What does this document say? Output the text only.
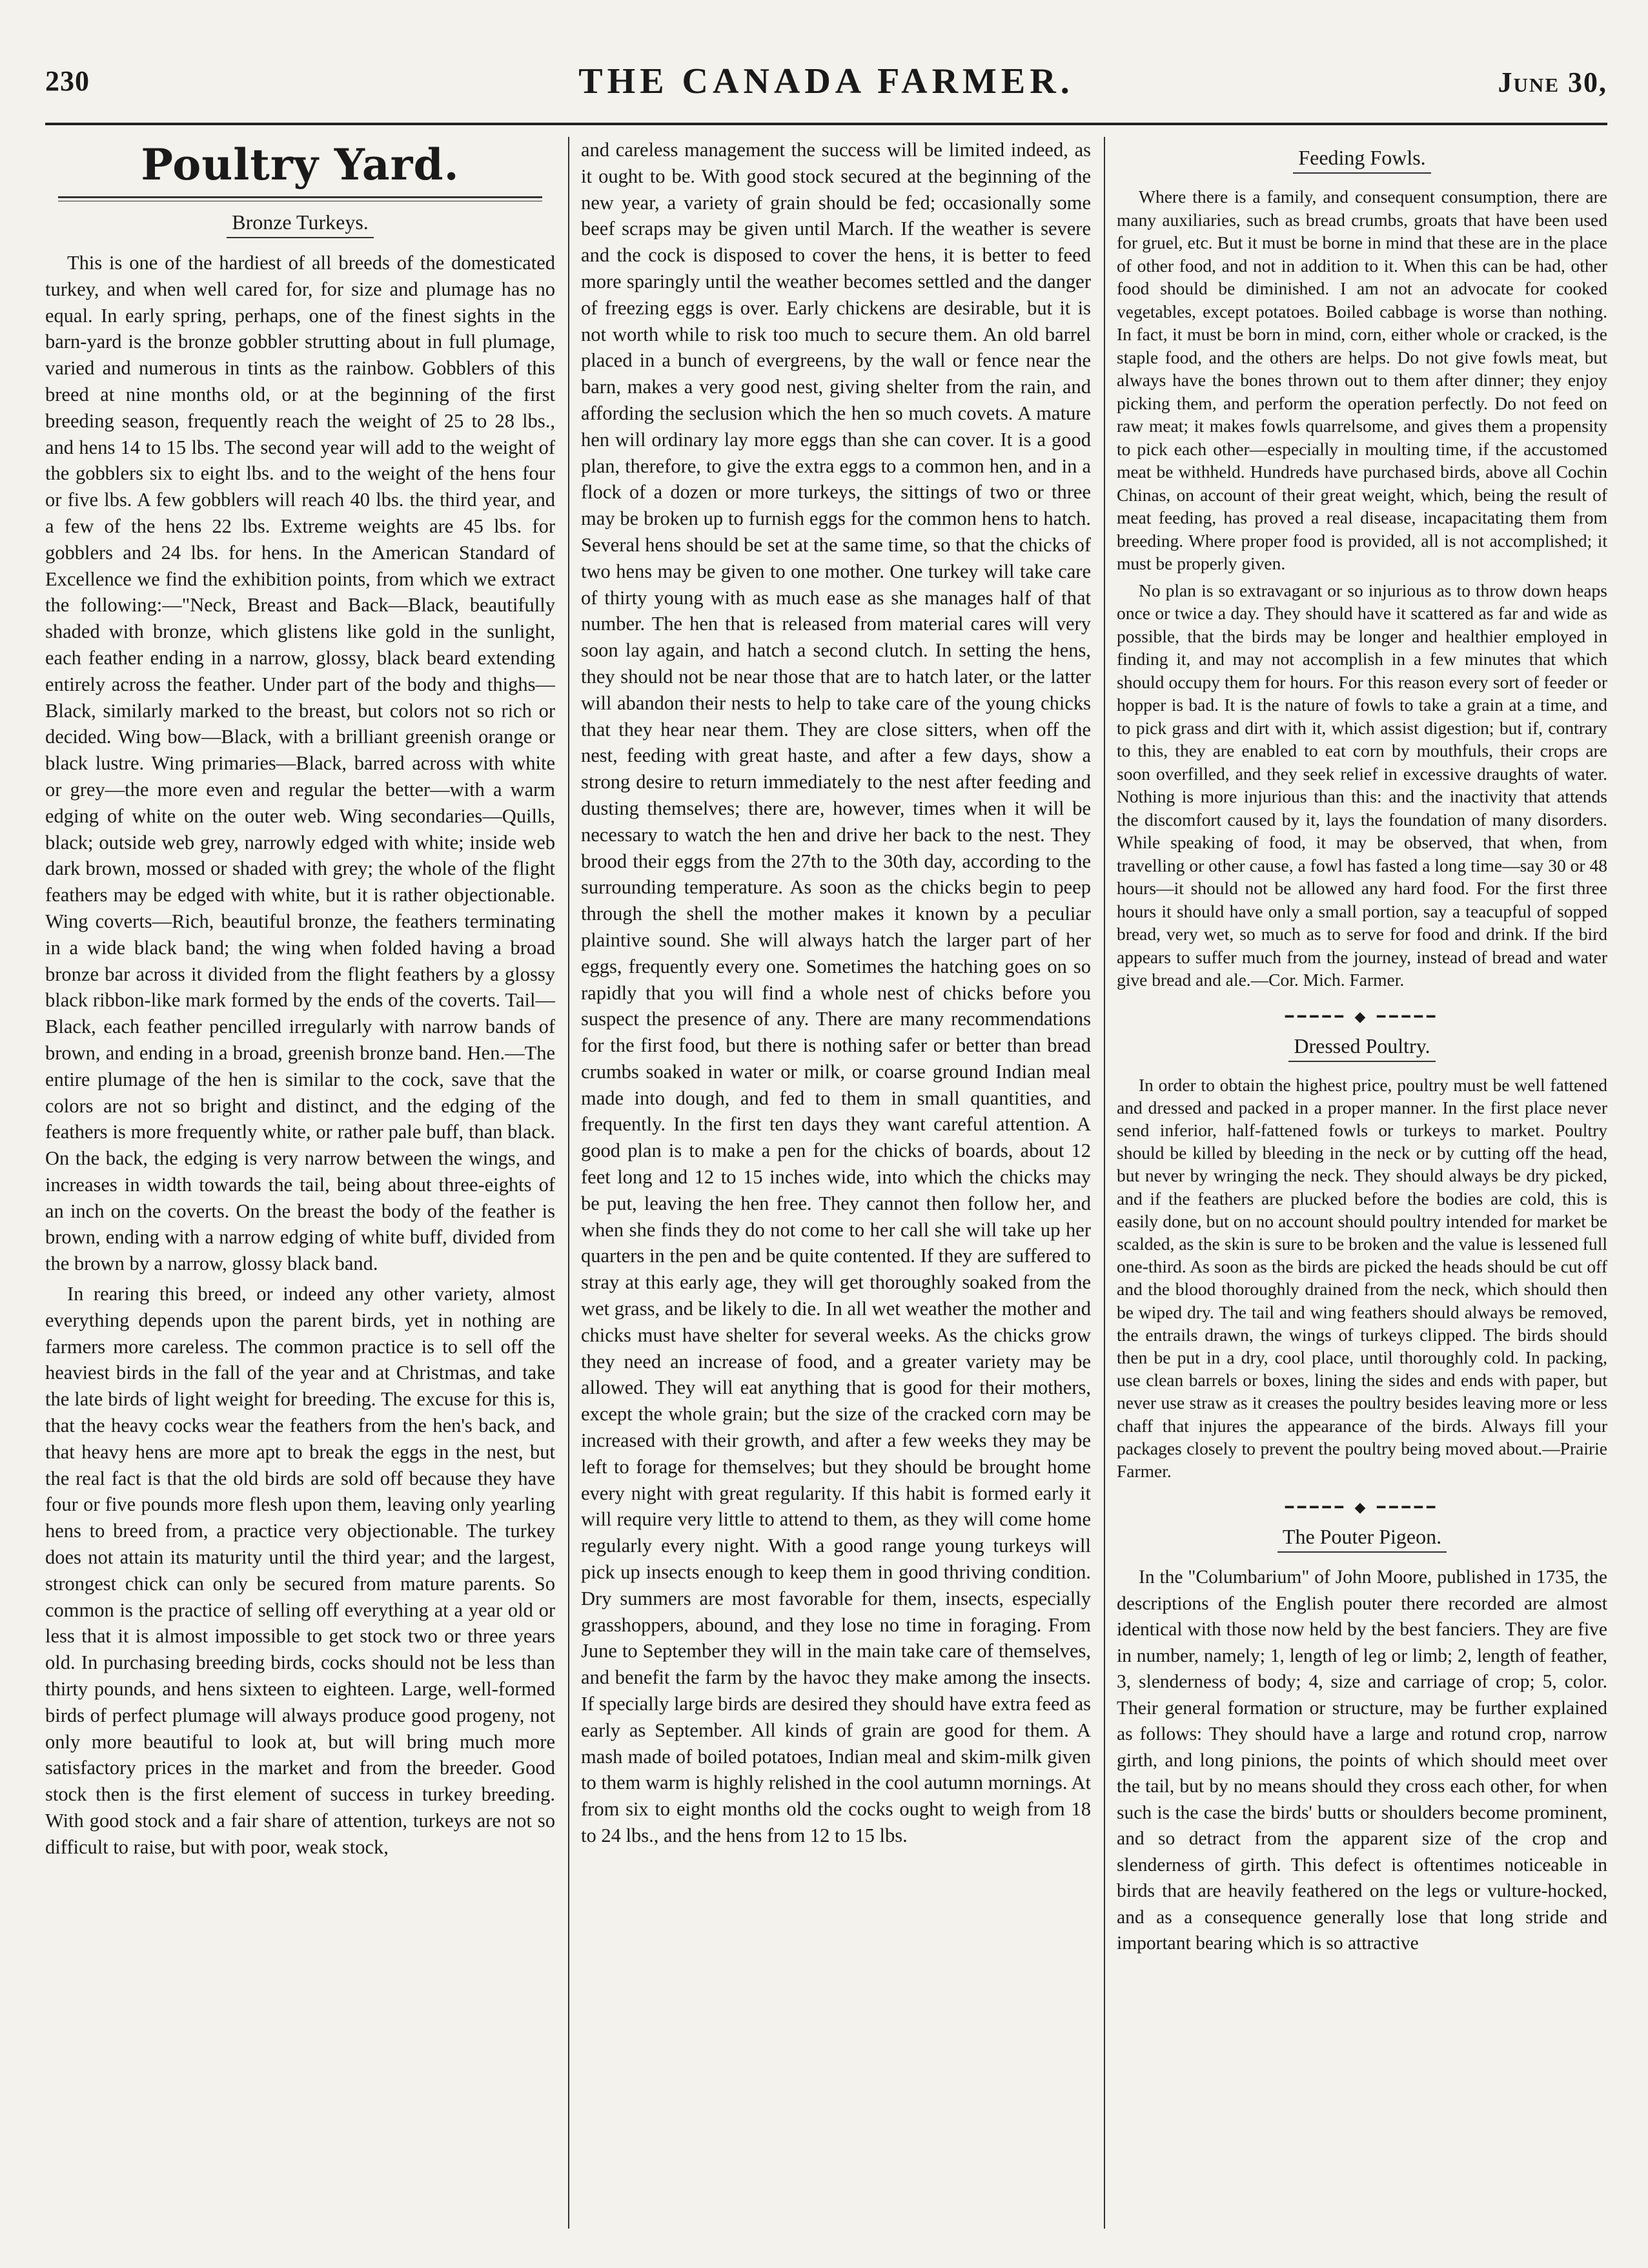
230	THE CANADA FARMER.	June 30,
Poultry Yard.
Bronze Turkeys.

This is one of the hardiest of all breeds of the domesticated turkey, and when well cared for, for size and plumage has no equal. In early spring, perhaps, one of the finest sights in the barn-yard is the bronze gobbler strutting about in full plumage, varied and numerous in tints as the rainbow. Gobblers of this breed at nine months old, or at the beginning of the first breeding season, frequently reach the weight of 25 to 28 lbs., and hens 14 to 15 lbs. The second year will add to the weight of the gobblers six to eight lbs. and to the weight of the hens four or five lbs. A few gobblers will reach 40 lbs. the third year, and a few of the hens 22 lbs. Extreme weights are 45 lbs. for gobblers and 24 lbs. for hens. In the American Standard of Excellence we find the exhibition points, from which we extract the following:—"Neck, Breast and Back—Black, beautifully shaded with bronze, which glistens like gold in the sunlight, each feather ending in a narrow, glossy, black beard extending entirely across the feather. Under part of the body and thighs—Black, similarly marked to the breast, but colors not so rich or decided. Wing bow—Black, with a brilliant greenish orange or black lustre. Wing primaries—Black, barred across with white or grey—the more even and regular the better—with a warm edging of white on the outer web. Wing secondaries—Quills, black; outside web grey, narrowly edged with white; inside web dark brown, mossed or shaded with grey; the whole of the flight feathers may be edged with white, but it is rather objectionable. Wing coverts—Rich, beautiful bronze, the feathers terminating in a wide black band; the wing when folded having a broad bronze bar across it divided from the flight feathers by a glossy black ribbon-like mark formed by the ends of the coverts. Tail—Black, each feather pencilled irregularly with narrow bands of brown, and ending in a broad, greenish bronze band. Hen.—The entire plumage of the hen is similar to the cock, save that the colors are not so bright and distinct, and the edging of the feathers is more frequently white, or rather pale buff, than black. On the back, the edging is very narrow between the wings, and increases in width towards the tail, being about three-eights of an inch on the coverts. On the breast the body of the feather is brown, ending with a narrow edging of white buff, divided from the brown by a narrow, glossy black band.

In rearing this breed, or indeed any other variety, almost everything depends upon the parent birds, yet in nothing are farmers more careless. The common practice is to sell off the heaviest birds in the fall of the year and at Christmas, and take the late birds of light weight for breeding. The excuse for this is, that the heavy cocks wear the feathers from the hen's back, and that heavy hens are more apt to break the eggs in the nest, but the real fact is that the old birds are sold off because they have four or five pounds more flesh upon them, leaving only yearling hens to breed from, a practice very objectionable. The turkey does not attain its maturity until the third year; and the largest, strongest chick can only be secured from mature parents. So common is the practice of selling off everything at a year old or less that it is almost impossible to get stock two or three years old. In purchasing breeding birds, cocks should not be less than thirty pounds, and hens sixteen to eighteen. Large, well-formed birds of perfect plumage will always produce good progeny, not only more beautiful to look at, but will bring much more satisfactory prices in the market and from the breeder. Good stock then is the first element of success in turkey breeding. With good stock and a fair share of attention, turkeys are not so difficult to raise, but with poor, weak stock,

and careless management the success will be limited indeed, as it ought to be. With good stock secured at the beginning of the new year, a variety of grain should be fed; occasionally some beef scraps may be given until March. If the weather is severe and the cock is disposed to cover the hens, it is better to feed more sparingly until the weather becomes settled and the danger of freezing eggs is over. Early chickens are desirable, but it is not worth while to risk too much to secure them. An old barrel placed in a bunch of evergreens, by the wall or fence near the barn, makes a very good nest, giving shelter from the rain, and affording the seclusion which the hen so much covets. A mature hen will ordinary lay more eggs than she can cover. It is a good plan, therefore, to give the extra eggs to a common hen, and in a flock of a dozen or more turkeys, the sittings of two or three may be broken up to furnish eggs for the common hens to hatch. Several hens should be set at the same time, so that the chicks of two hens may be given to one mother. One turkey will take care of thirty young with as much ease as she manages half of that number. The hen that is released from material cares will very soon lay again, and hatch a second clutch. In setting the hens, they should not be near those that are to hatch later, or the latter will abandon their nests to help to take care of the young chicks that they hear near them. They are close sitters, when off the nest, feeding with great haste, and after a few days, show a strong desire to return immediately to the nest after feeding and dusting themselves; there are, however, times when it will be necessary to watch the hen and drive her back to the nest. They brood their eggs from the 27th to the 30th day, according to the surrounding temperature. As soon as the chicks begin to peep through the shell the mother makes it known by a peculiar plaintive sound. She will always hatch the larger part of her eggs, frequently every one. Sometimes the hatching goes on so rapidly that you will find a whole nest of chicks before you suspect the presence of any. There are many recommendations for the first food, but there is nothing safer or better than bread crumbs soaked in water or milk, or coarse ground Indian meal made into dough, and fed to them in small quantities, and frequently. In the first ten days they want careful attention. A good plan is to make a pen for the chicks of boards, about 12 feet long and 12 to 15 inches wide, into which the chicks may be put, leaving the hen free. They cannot then follow her, and when she finds they do not come to her call she will take up her quarters in the pen and be quite contented. If they are suffered to stray at this early age, they will get thoroughly soaked from the wet grass, and be likely to die. In all wet weather the mother and chicks must have shelter for several weeks. As the chicks grow they need an increase of food, and a greater variety may be allowed. They will eat anything that is good for their mothers, except the whole grain; but the size of the cracked corn may be increased with their growth, and after a few weeks they may be left to forage for themselves; but they should be brought home every night with great regularity. If this habit is formed early it will require very little to attend to them, as they will come home regularly every night. With a good range young turkeys will pick up insects enough to keep them in good thriving condition. Dry summers are most favorable for them, insects, especially grasshoppers, abound, and they lose no time in foraging. From June to September they will in the main take care of themselves, and benefit the farm by the havoc they make among the insects. If specially large birds are desired they should have extra feed as early as September. All kinds of grain are good for them. A mash made of boiled potatoes, Indian meal and skim-milk given to them warm is highly relished in the cool autumn mornings. At from six to eight months old the cocks ought to weigh from 18 to 24 lbs., and the hens from 12 to 15 lbs.

Feeding Fowls.

Where there is a family, and consequent consumption, there are many auxiliaries, such as bread crumbs, groats that have been used for gruel, etc. But it must be borne in mind that these are in the place of other food, and not in addition to it. When this can be had, other food should be diminished. I am not an advocate for cooked vegetables, except potatoes. Boiled cabbage is worse than nothing. In fact, it must be born in mind, corn, either whole or cracked, is the staple food, and the others are helps. Do not give fowls meat, but always have the bones thrown out to them after dinner; they enjoy picking them, and perform the operation perfectly. Do not feed on raw meat; it makes fowls quarrelsome, and gives them a propensity to pick each other—especially in moulting time, if the accustomed meat be withheld. Hundreds have purchased birds, above all Cochin Chinas, on account of their great weight, which, being the result of meat feeding, has proved a real disease, incapacitating them from breeding. Where proper food is provided, all is not accomplished; it must be properly given.

No plan is so extravagant or so injurious as to throw down heaps once or twice a day. They should have it scattered as far and wide as possible, that the birds may be longer and healthier employed in finding it, and may not accomplish in a few minutes that which should occupy them for hours. For this reason every sort of feeder or hopper is bad. It is the nature of fowls to take a grain at a time, and to pick grass and dirt with it, which assist digestion; but if, contrary to this, they are enabled to eat corn by mouthfuls, their crops are soon overfilled, and they seek relief in excessive draughts of water. Nothing is more injurious than this: and the inactivity that attends the discomfort caused by it, lays the foundation of many disorders. While speaking of food, it may be observed, that when, from travelling or other cause, a fowl has fasted a long time—say 30 or 48 hours—it should not be allowed any hard food. For the first three hours it should have only a small portion, say a teacupful of sopped bread, very wet, so much as to serve for food and drink. If the bird appears to suffer much from the journey, instead of bread and water give bread and ale.—Cor. Mich. Farmer.

━━━━━ ◆ ━━━━━
Dressed Poultry.

In order to obtain the highest price, poultry must be well fattened and dressed and packed in a proper manner. In the first place never send inferior, half-fattened fowls or turkeys to market. Poultry should be killed by bleeding in the neck or by cutting off the head, but never by wringing the neck. They should always be dry picked, and if the feathers are plucked before the bodies are cold, this is easily done, but on no account should poultry intended for market be scalded, as the skin is sure to be broken and the value is lessened full one-third. As soon as the birds are picked the heads should be cut off and the blood thoroughly drained from the neck, which should then be wiped dry. The tail and wing feathers should always be removed, the entrails drawn, the wings of turkeys clipped. The birds should then be put in a dry, cool place, until thoroughly cold. In packing, use clean barrels or boxes, lining the sides and ends with paper, but never use straw as it creases the poultry besides leaving more or less chaff that injures the appearance of the birds. Always fill your packages closely to prevent the poultry being moved about.—Prairie Farmer.

━━━━━ ◆ ━━━━━
The Pouter Pigeon.

In the "Columbarium" of John Moore, published in 1735, the descriptions of the English pouter there recorded are almost identical with those now held by the best fanciers. They are five in number, namely; 1, length of leg or limb; 2, length of feather, 3, slenderness of body; 4, size and carriage of crop; 5, color. Their general formation or structure, may be further explained as follows: They should have a large and rotund crop, narrow girth, and long pinions, the points of which should meet over the tail, but by no means should they cross each other, for when such is the case the birds' butts or shoulders become prominent, and so detract from the apparent size of the crop and slenderness of girth. This defect is oftentimes noticeable in birds that are heavily feathered on the legs or vulture-hocked, and as a consequence generally lose that long stride and important bearing which is so attractive
